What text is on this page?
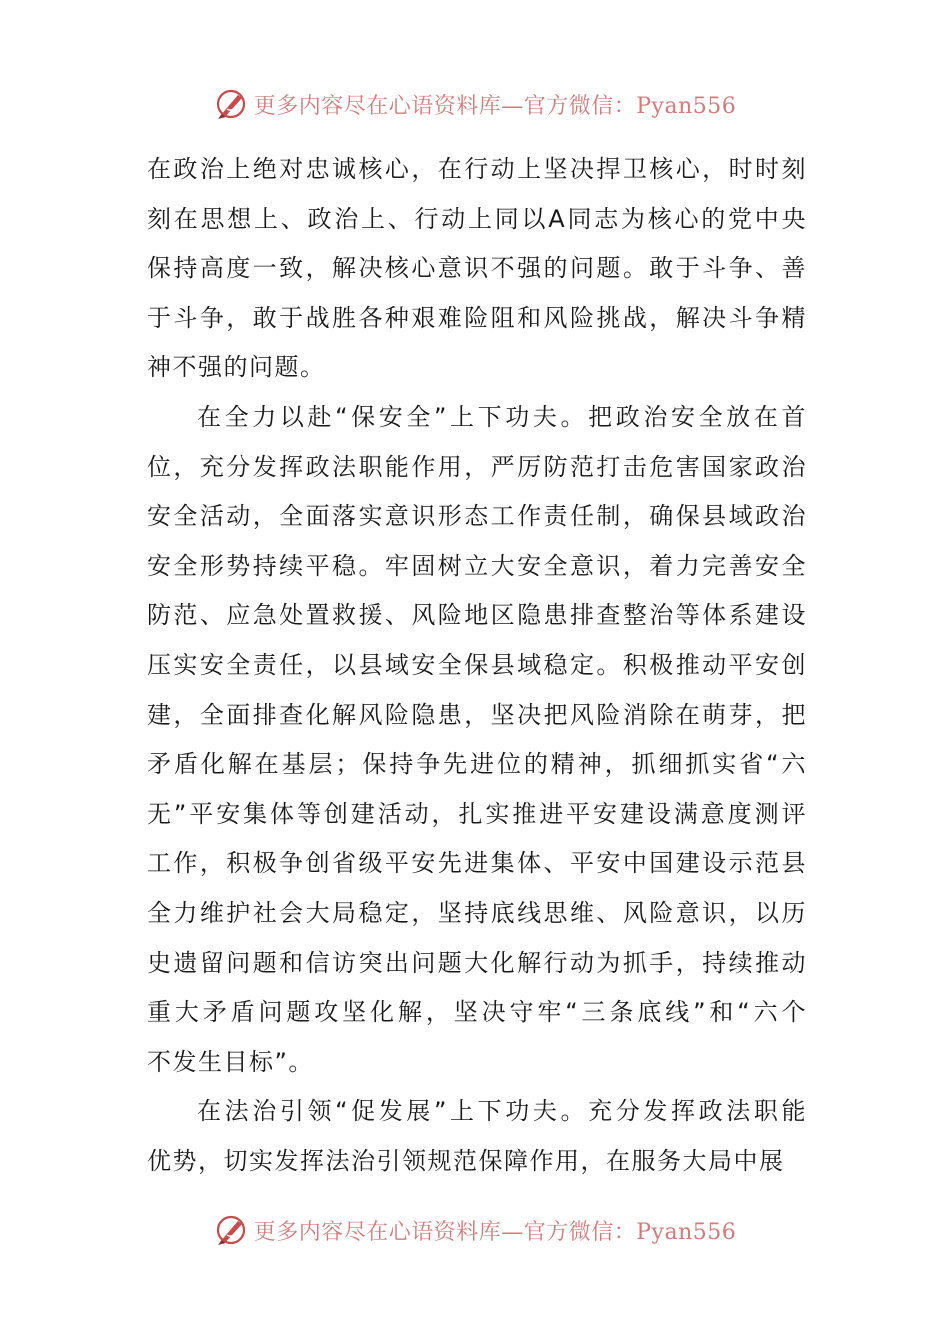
更多内容尽在心语资料库—官方微信：Pyan556
在政治上绝对忠诚核心，在行动上坚决捍卫核心，时时刻
刻在思想上、政治上、行动上同以A同志为核心的党中央
保持高度一致，解决核心意识不强的问题。敢于斗争、善
于斗争，敢于战胜各种艰难险阻和风险挑战，解决斗争精
神不强的问题。
在全力以赴“保安全”上下功夫。把政治安全放在首
位，充分发挥政法职能作用，严厉防范打击危害国家政治
安全活动，全面落实意识形态工作责任制，确保县域政治
安全形势持续平稳。牢固树立大安全意识，着力完善安全
防范、应急处置救援、风险地区隐患排查整治等体系建设
压实安全责任，以县域安全保县域稳定。积极推动平安创
建，全面排查化解风险隐患，坚决把风险消除在萌芽，把
矛盾化解在基层；保持争先进位的精神，抓细抓实省“六
无”平安集体等创建活动，扎实推进平安建设满意度测评
工作，积极争创省级平安先进集体、平安中国建设示范县
全力维护社会大局稳定，坚持底线思维、风险意识，以历
史遗留问题和信访突出问题大化解行动为抓手，持续推动
重大矛盾问题攻坚化解，坚决守牢“三条底线”和“六个
不发生目标”。
在法治引领“促发展”上下功夫。充分发挥政法职能
优势，切实发挥法治引领规范保障作用，在服务大局中展
更多内容尽在心语资料库—官方微信：Pyan556
